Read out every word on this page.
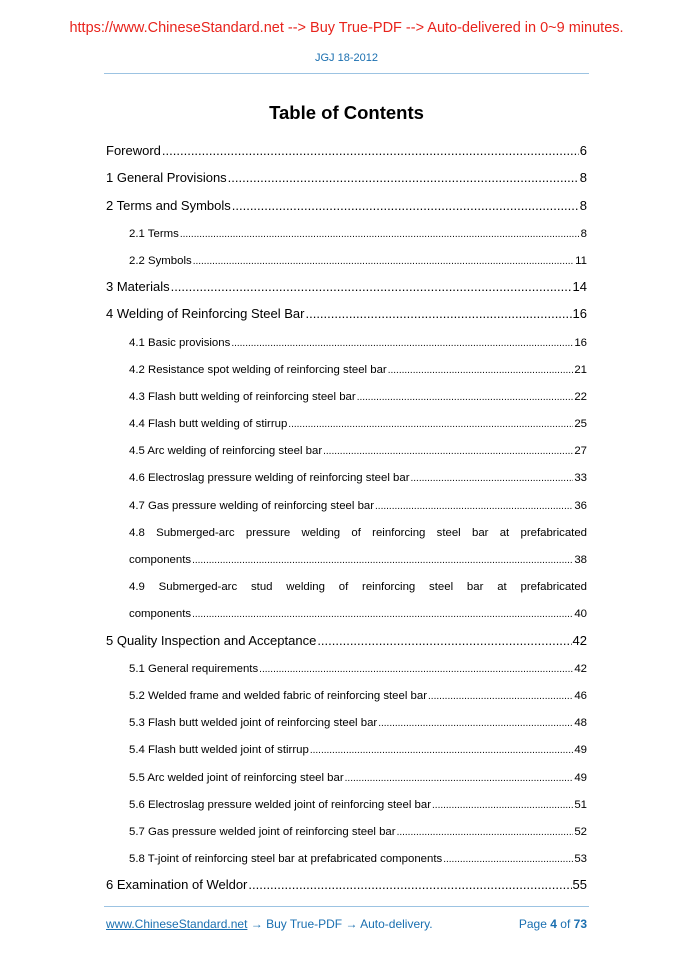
https://www.ChineseStandard.net --> Buy True-PDF --> Auto-delivered in 0~9 minutes.
JGJ 18-2012
Table of Contents
Foreword .....	6
1 General Provisions .....	8
2 Terms and Symbols .....	8
2.1 Terms .....	8
2.2 Symbols .....	11
3 Materials .....	14
4 Welding of Reinforcing Steel Bar .....	16
4.1 Basic provisions .....	16
4.2 Resistance spot welding of reinforcing steel bar .....	21
4.3 Flash butt welding of reinforcing steel bar .....	22
4.4 Flash butt welding of stirrup .....	25
4.5 Arc welding of reinforcing steel bar .....	27
4.6 Electroslag pressure welding of reinforcing steel bar .....	33
4.7 Gas pressure welding of reinforcing steel bar .....	36
4.8 Submerged-arc pressure welding of reinforcing steel bar at prefabricated
components .....	38
4.9 Submerged-arc stud welding of reinforcing steel bar at prefabricated
components .....	40
5 Quality Inspection and Acceptance .....	42
5.1 General requirements .....	42
5.2 Welded frame and welded fabric of reinforcing steel bar .....	46
5.3 Flash butt welded joint of reinforcing steel bar .....	48
5.4 Flash butt welded joint of stirrup .....	49
5.5 Arc welded joint of reinforcing steel bar .....	49
5.6 Electroslag pressure welded joint of reinforcing steel bar .....	51
5.7 Gas pressure welded joint of reinforcing steel bar .....	52
5.8 T-joint of reinforcing steel bar at prefabricated components .....	53
6 Examination of Weldor .....	55
www.ChineseStandard.net → Buy True-PDF → Auto-delivery.	Page 4 of 73
